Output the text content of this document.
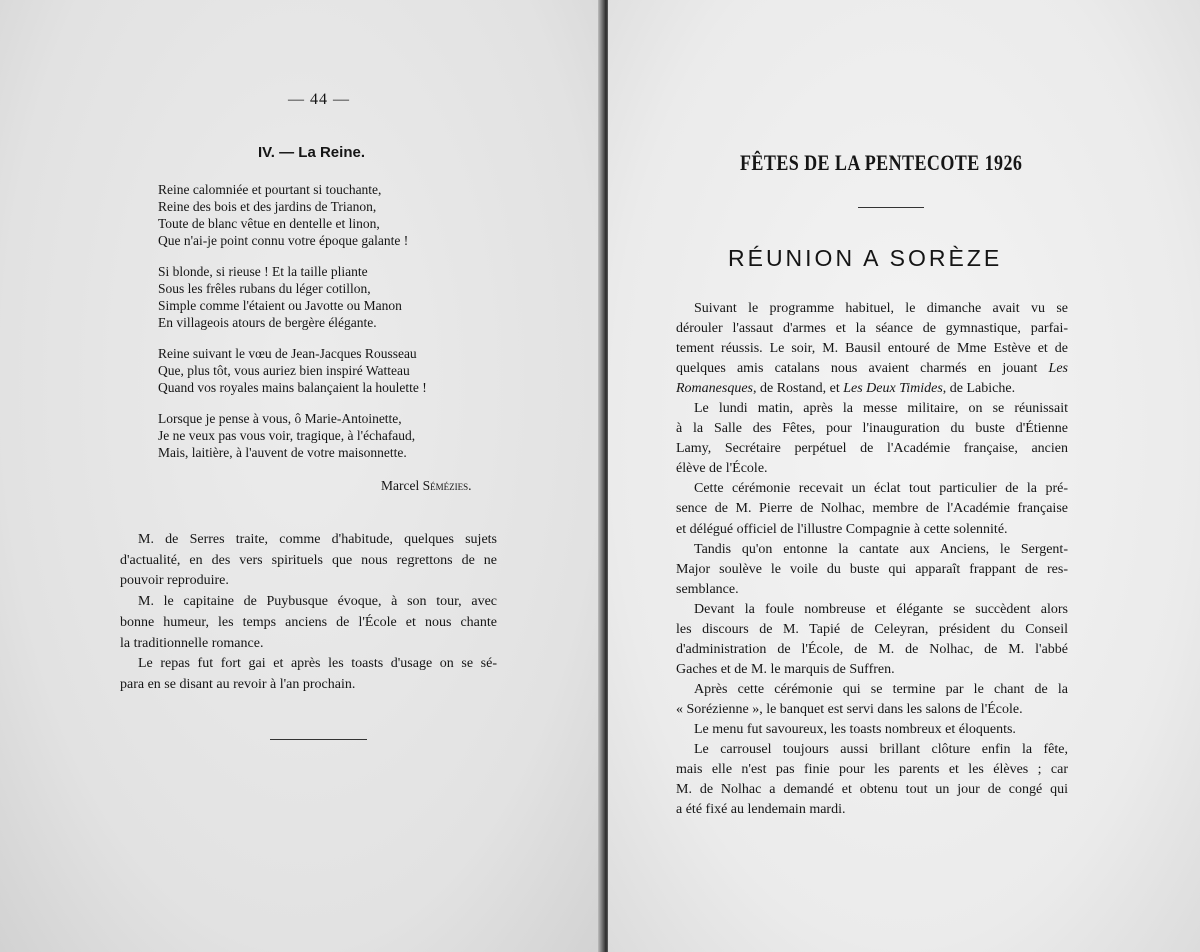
— 44 —
IV. — La Reine.
Reine calomniée et pourtant si touchante,
Reine des bois et des jardins de Trianon,
Toute de blanc vêtue en dentelle et linon,
Que n'ai-je point connu votre époque galante !
Si blonde, si rieuse ! Et la taille pliante
Sous les frêles rubans du léger cotillon,
Simple comme l'étaient ou Javotte ou Manon
En villageois atours de bergère élégante.
Reine suivant le vœu de Jean-Jacques Rousseau
Que, plus tôt, vous auriez bien inspiré Watteau
Quand vos royales mains balançaient la houlette !
Lorsque je pense à vous, ô Marie-Antoinette,
Je ne veux pas vous voir, tragique, à l'échafaud,
Mais, laitière, à l'auvent de votre maisonnette.
Marcel Sémézies.
M. de Serres traite, comme d'habitude, quelques sujets
d'actualité, en des vers spirituels que nous regrettons de ne
pouvoir reproduire.
M. le capitaine de Puybusque évoque, à son tour, avec
bonne humeur, les temps anciens de l'École et nous chante
la traditionnelle romance.
Le repas fut fort gai et après les toasts d'usage on se sé-
para en se disant au revoir à l'an prochain.
FÊTES DE LA PENTECOTE 1926
RÉUNION A SORÈZE
Suivant le programme habituel, le dimanche avait vu se
dérouler l'assaut d'armes et la séance de gymnastique, parfai-
tement réussis. Le soir, M. Bausil entouré de Mme Estève et de
quelques amis catalans nous avaient charmés en jouant Les
Romanesques, de Rostand, et Les Deux Timides, de Labiche.
Le lundi matin, après la messe militaire, on se réunissait
à la Salle des Fêtes, pour l'inauguration du buste d'Étienne
Lamy, Secrétaire perpétuel de l'Académie française, ancien
élève de l'École.
Cette cérémonie recevait un éclat tout particulier de la pré-
sence de M. Pierre de Nolhac, membre de l'Académie française
et délégué officiel de l'illustre Compagnie à cette solennité.
Tandis qu'on entonne la cantate aux Anciens, le Sergent-
Major soulève le voile du buste qui apparaît frappant de res-
semblance.
Devant la foule nombreuse et élégante se succèdent alors
les discours de M. Tapié de Celeyran, président du Conseil
d'administration de l'École, de M. de Nolhac, de M. l'abbé
Gaches et de M. le marquis de Suffren.
Après cette cérémonie qui se termine par le chant de la
« Sorézienne », le banquet est servi dans les salons de l'École.
Le menu fut savoureux, les toasts nombreux et éloquents.
Le carrousel toujours aussi brillant clôture enfin la fête,
mais elle n'est pas finie pour les parents et les élèves ; car
M. de Nolhac a demandé et obtenu tout un jour de congé qui
a été fixé au lendemain mardi.
